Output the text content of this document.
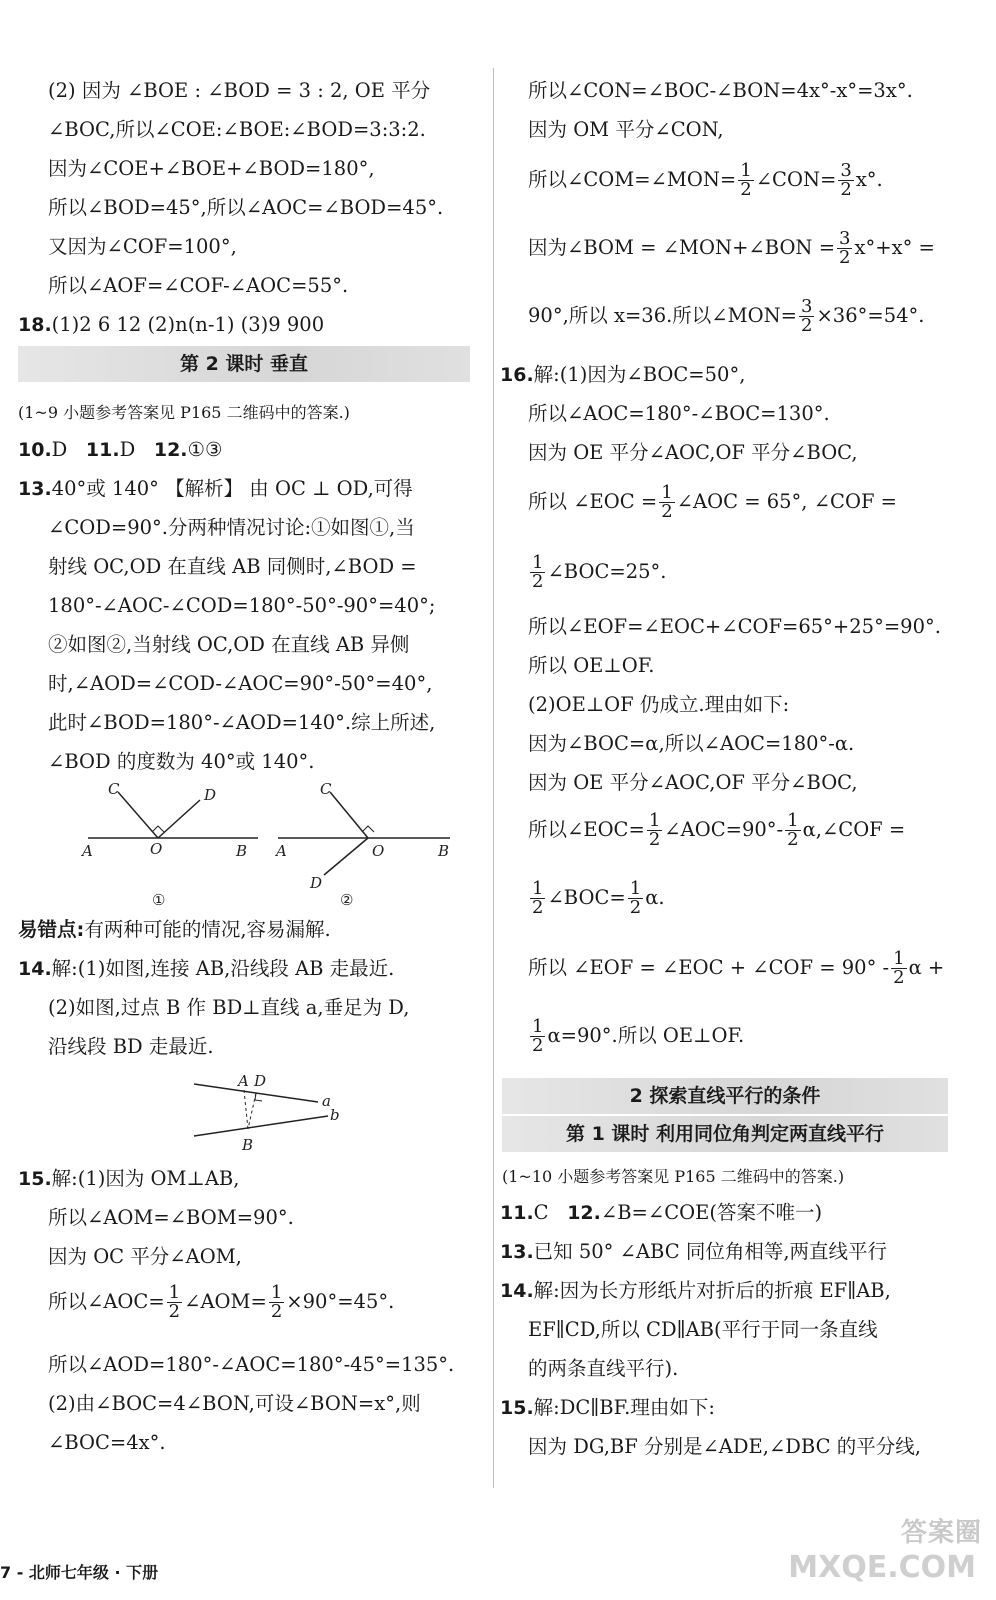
(2) 因为 ∠BOE : ∠BOD = 3 : 2, OE 平分
∠BOC,所以∠COE:∠BOE:∠BOD=3:3:2.
因为∠COE+∠BOE+∠BOD=180°,
所以∠BOD=45°,所以∠AOC=∠BOD=45°.
又因为∠COF=100°,
所以∠AOF=∠COF-∠AOC=55°.
18.(1)2 6 12 (2)n(n-1) (3)9 900
第 2 课时 垂直
(1~9 小题参考答案见 P165 二维码中的答案.)
10.D 11.D 12.①③
13.40°或 140° 【解析】 由 OC ⊥ OD,可得
∠COD=90°.分两种情况讨论:①如图①,当
射线 OC,OD 在直线 AB 同侧时,∠BOD =
180°-∠AOC-∠COD=180°-50°-90°=40°;
②如图②,当射线 OC,OD 在直线 AB 异侧
时,∠AOD=∠COD-∠AOC=90°-50°=40°,
此时∠BOD=180°-∠AOD=140°.综上所述,
∠BOD 的度数为 40°或 140°.
A	O	B
C	D
①
A	O	B
C
D
②
易错点:有两种可能的情况,容易漏解.
14.解:(1)如图,连接 AB,沿线段 AB 走最近.
(2)如图,过点 B 作 BD⊥直线 a,垂足为 D,
沿线段 BD 走最近.
A D
B
a
b
15.解:(1)因为 OM⊥AB,
所以∠AOM=∠BOM=90°.
因为 OC 平分∠AOM,
所以∠AOC= $\frac{1}{2}$ ∠AOM= $\frac{1}{2} \times 90^\circ=45^\circ$.
所以∠AOD=180°-∠AOC=180°-45°=135°.
(2)由∠BOC=4∠BON,可设∠BON=x°,则
∠BOC=4x°.
所以∠CON=∠BOC-∠BON=4x°-x°=3x°.
因为 OM 平分∠CON,
所以∠COM=∠MON= $\frac{1}{2}$ ∠CON= $\frac{3}{2} x^\circ$.
因为∠BOM = ∠MON+∠BON = $\frac{3}{2} x^\circ+x^\circ$ =
90°,所以 x=36.所以∠MON= $\frac{3}{2} \times 36^\circ=54^\circ$.
16.解:(1)因为∠BOC=50°,
所以∠AOC=180°-∠BOC=130°.
因为 OE 平分∠AOC,OF 平分∠BOC,
所以 ∠EOC = $\frac{1}{2}$ ∠AOC = 65°, ∠COF =
$\frac{1}{2}$ ∠BOC=25°.
所以∠EOF=∠EOC+∠COF=65°+25°=90°.
所以 OE⊥OF.
(2)OE⊥OF 仍成立.理由如下:
因为∠BOC=α,所以∠AOC=180°-α.
因为 OE 平分∠AOC,OF 平分∠BOC,
所以∠EOC= $\frac{1}{2}$ ∠AOC=90°- $\frac{1}{2}$ α,∠COF =
$\frac{1}{2}$ ∠BOC= $\frac{1}{2} \alpha$.
所以 ∠EOF = ∠EOC + ∠COF = $90^\circ - \frac{1}{2}$ α +
$\frac{1}{2} \alpha=90^\circ$.所以 OE⊥OF.
2 探索直线平行的条件
第 1 课时 利用同位角判定两直线平行
(1~10 小题参考答案见 P165 二维码中的答案.)
11.C 12.∠B=∠COE(答案不唯一)
13.已知 50° ∠ABC 同位角相等,两直线平行
14.解:因为长方形纸片对折后的折痕 EF∥AB,
EF∥CD,所以 CD∥AB(平行于同一条直线
的两条直线平行).
15.解:DC∥BF.理由如下:
因为 DG,BF 分别是∠ADE,∠DBC 的平分线,
7 - 北师七年级 · 下册
答案圈
MXQE.COM
